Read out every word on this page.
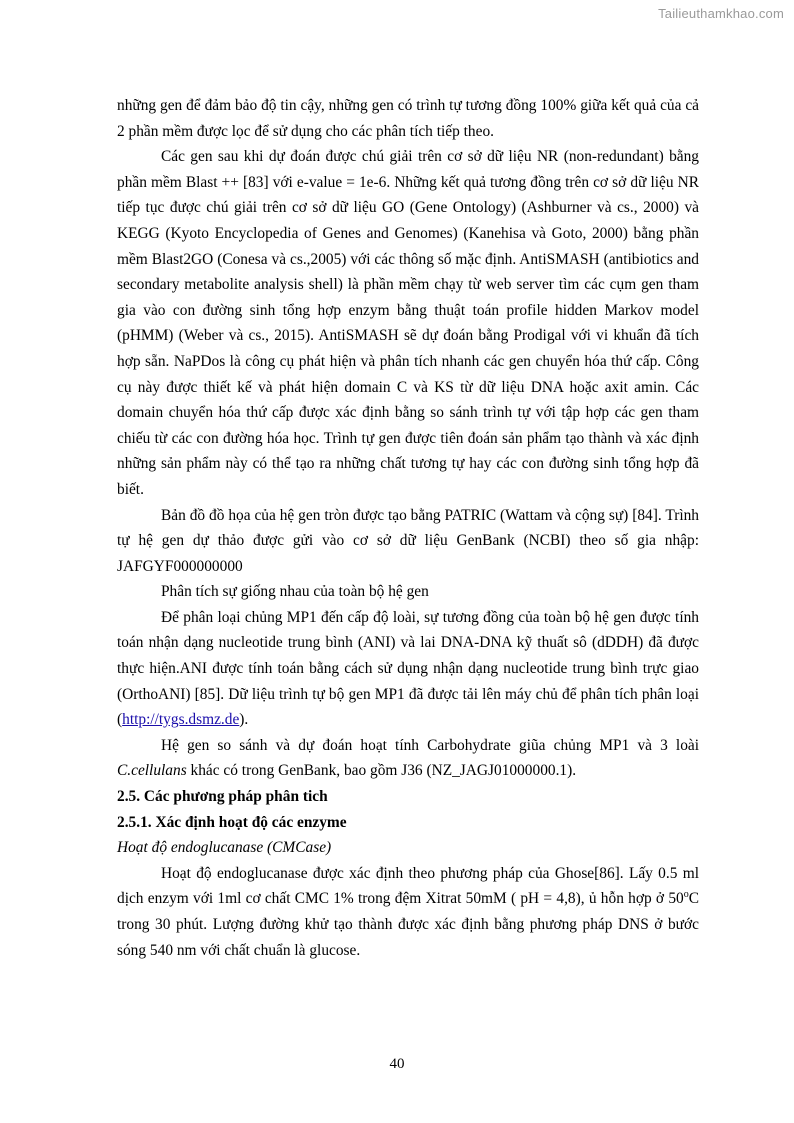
Tailieuthamkhao.com

những gen để đảm bảo độ tin cậy, những gen có trình tự tương đồng 100% giữa kết quả của cả 2 phần mềm được lọc để sử dụng cho các phân tích tiếp theo.

Các gen sau khi dự đoán được chú giải trên cơ sở dữ liệu NR (non-redundant) bằng phần mềm Blast ++ [83] với e-value = 1e-6. Những kết quả tương đồng trên cơ sở dữ liệu NR tiếp tục được chú giải trên cơ sở dữ liệu GO (Gene Ontology) (Ashburner và cs., 2000) và KEGG (Kyoto Encyclopedia of Genes and Genomes) (Kanehisa và Goto, 2000) bằng phần mềm Blast2GO (Conesa và cs.,2005) với các thông số mặc định. AntiSMASH (antibiotics and secondary metabolite analysis shell) là phần mềm chạy từ web server tìm các cụm gen tham gia vào con đường sinh tổng hợp enzym bằng thuật toán profile hidden Markov model (pHMM) (Weber và cs., 2015). AntiSMASH sẽ dự đoán bằng Prodigal với vi khuẩn đã tích hợp sẵn. NaPDos là công cụ phát hiện và phân tích nhanh các gen chuyển hóa thứ cấp. Công cụ này được thiết kế và phát hiện domain C và KS từ dữ liệu DNA hoặc axit amin. Các domain chuyển hóa thứ cấp được xác định bằng so sánh trình tự với tập hợp các gen tham chiếu từ các con đường hóa học. Trình tự gen được tiên đoán sản phẩm tạo thành và xác định những sản phẩm này có thể tạo ra những chất tương tự hay các con đường sinh tổng hợp đã biết.

Bản đồ đồ họa của hệ gen tròn được tạo bằng PATRIC (Wattam và cộng sự) [84]. Trình tự hệ gen dự thảo được gửi vào cơ sở dữ liệu GenBank (NCBI) theo số gia nhập: JAFGYF000000000

Phân tích sự giống nhau của toàn bộ hệ gen

Để phân loại chủng MP1 đến cấp độ loài, sự tương đồng của toàn bộ hệ gen được tính toán nhận dạng nucleotide trung bình (ANI) và lai DNA-DNA kỹ thuất sô (dDDH) đã được thực hiện.ANI được tính toán bằng cách sử dụng nhận dạng nucleotide trung bình trực giao (OrthoANI) [85]. Dữ liệu trình tự bộ gen MP1 đã được tải lên máy chủ để phân tích phân loại (http://tygs.dsmz.de).

Hệ gen so sánh và dự đoán hoạt tính Carbohydrate giũa chủng MP1 và 3 loài C.cellulans khác có trong GenBank, bao gồm J36 (NZ_JAGJ01000000.1).

2.5. Các phương pháp phân tich

2.5.1. Xác định hoạt độ các enzyme

Hoạt độ endoglucanase (CMCase)

Hoạt độ endoglucanase được xác định theo phương pháp của Ghose[86]. Lấy 0.5 ml dịch enzym với 1ml cơ chất CMC 1% trong đệm Xitrat 50mM ( pH = 4,8), ủ hỗn hợp ở 50$^o$C trong 30 phút. Lượng đường khử tạo thành được xác định bằng phương pháp DNS ở bước sóng 540 nm với chất chuẩn là glucose.

40
